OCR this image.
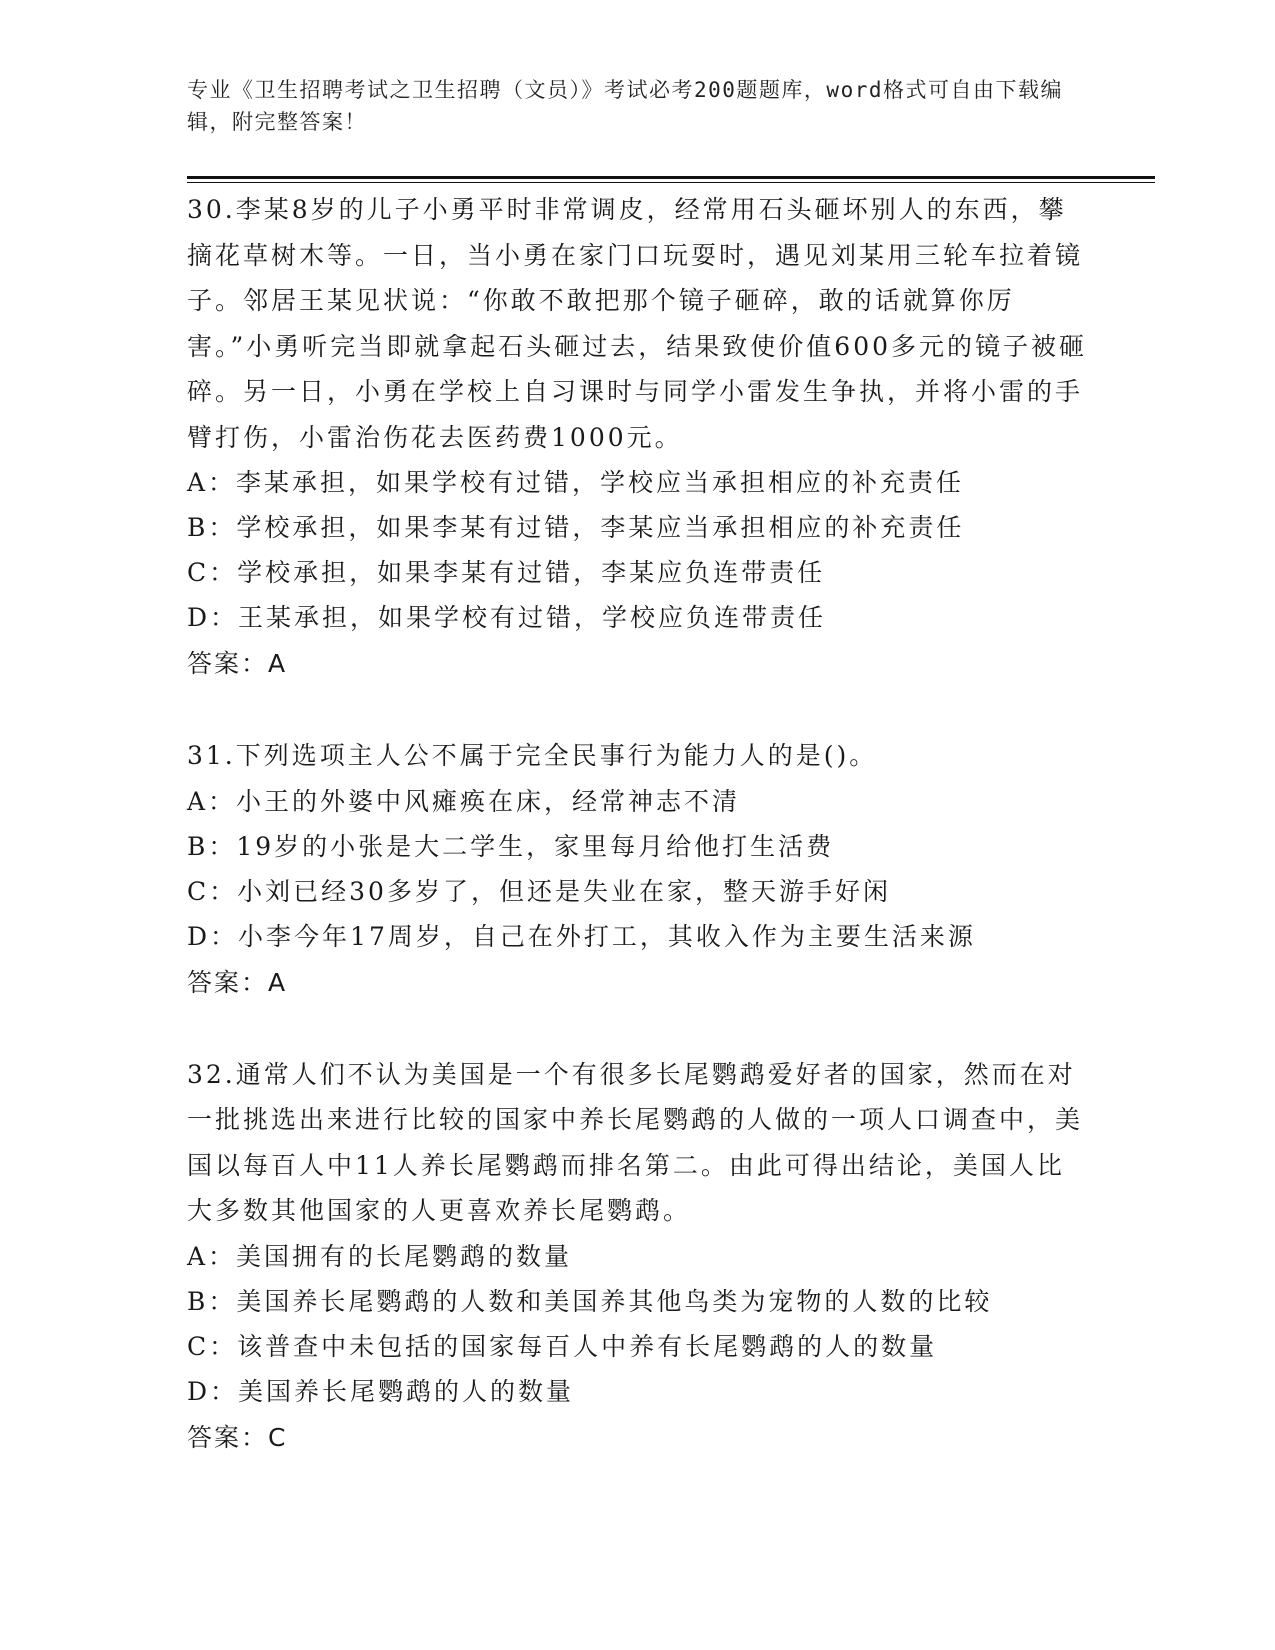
专业《卫生招聘考试之卫生招聘（文员）》考试必考200题题库，word格式可自由下载编辑，附完整答案！
30.李某8岁的儿子小勇平时非常调皮，经常用石头砸坏别人的东西，攀摘花草树木等。一日，当小勇在家门口玩耍时，遇见刘某用三轮车拉着镜子。邻居王某见状说：“你敢不敢把那个镜子砸碎，敢的话就算你厉害。”小勇听完当即就拿起石头砸过去，结果致使价值600多元的镜子被砸碎。另一日，小勇在学校上自习课时与同学小雷发生争执，并将小雷的手臂打伤，小雷治伤花去医药费1000元。
A：李某承担，如果学校有过错，学校应当承担相应的补充责任
B：学校承担，如果李某有过错，李某应当承担相应的补充责任
C：学校承担，如果李某有过错，李某应负连带责任
D：王某承担，如果学校有过错，学校应负连带责任
答案：A
31.下列选项主人公不属于完全民事行为能力人的是()。
A：小王的外婆中风瘫痪在床，经常神志不清
B：19岁的小张是大二学生，家里每月给他打生活费
C：小刘已经30多岁了，但还是失业在家，整天游手好闲
D：小李今年17周岁，自己在外打工，其收入作为主要生活来源
答案：A
32.通常人们不认为美国是一个有很多长尾鹦鹉爱好者的国家，然而在对一批挑选出来进行比较的国家中养长尾鹦鹉的人做的一项人口调查中，美国以每百人中11人养长尾鹦鹉而排名第二。由此可得出结论，美国人比大多数其他国家的人更喜欢养长尾鹦鹉。
A：美国拥有的长尾鹦鹉的数量
B：美国养长尾鹦鹉的人数和美国养其他鸟类为宠物的人数的比较
C：该普查中未包括的国家每百人中养有长尾鹦鹉的人的数量
D：美国养长尾鹦鹉的人的数量
答案：C
